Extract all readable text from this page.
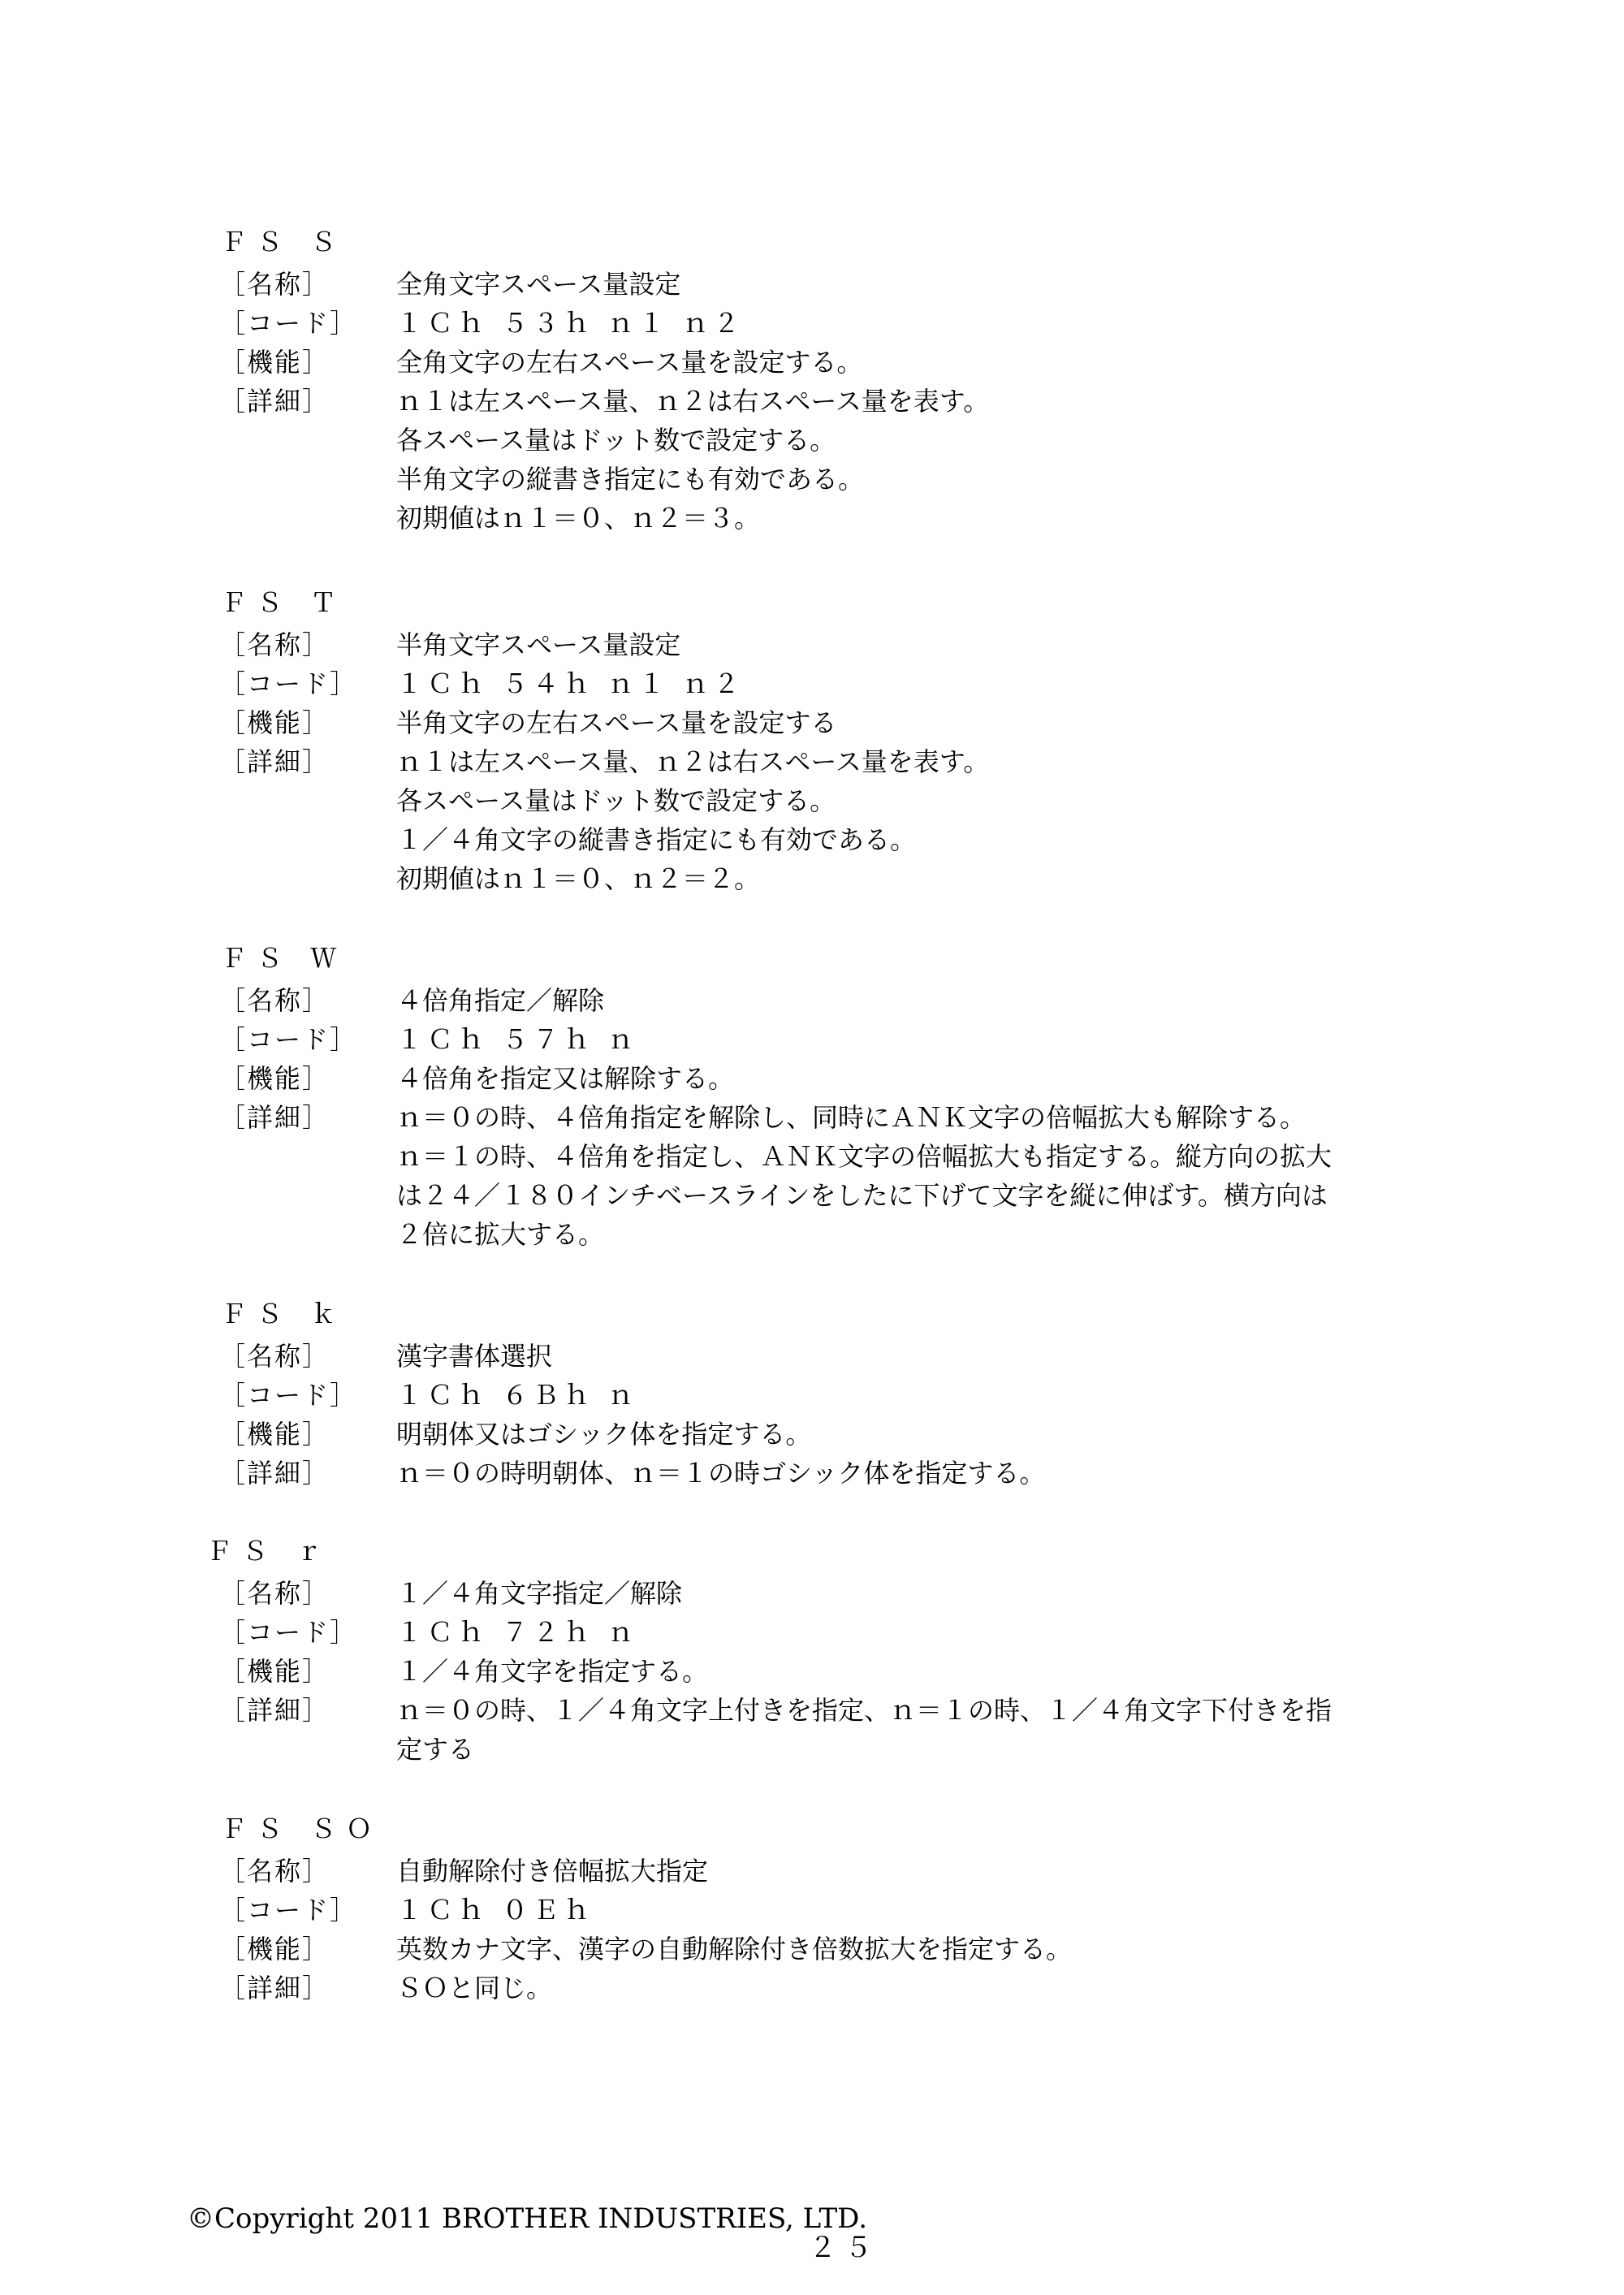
ＦＳ Ｓ
［名称］	全角文字スペース量設定
［コード］ １Ｃｈ ５３ｈ ｎ１ ｎ２
［機能］	全角文字の左右スペース量を設定する。
［詳細］	ｎ１は左スペース量、ｎ２は右スペース量を表す。
各スペース量はドット数で設定する。
半角文字の縦書き指定にも有効である。
初期値はｎ１＝０、ｎ２＝３。
ＦＳ Ｔ
［名称］	半角文字スペース量設定
［コード］ １Ｃｈ ５４ｈ ｎ１ ｎ２
［機能］	半角文字の左右スペース量を設定する
［詳細］	ｎ１は左スペース量、ｎ２は右スペース量を表す。
各スペース量はドット数で設定する。
１／４角文字の縦書き指定にも有効である。
初期値はｎ１＝０、ｎ２＝２。
ＦＳ Ｗ
［名称］	４倍角指定／解除
［コード］ １Ｃｈ ５７ｈ ｎ
［機能］	４倍角を指定又は解除する。
［詳細］	ｎ＝０の時、４倍角指定を解除し、同時にＡＮＫ文字の倍幅拡大も解除する。
ｎ＝１の時、４倍角を指定し、ＡＮＫ文字の倍幅拡大も指定する。縦方向の拡大
は２４／１８０インチベースラインをしたに下げて文字を縦に伸ばす。横方向は
２倍に拡大する。
ＦＳ ｋ
［名称］	漢字書体選択
［コード］ １Ｃｈ ６Ｂｈ ｎ
［機能］	明朝体又はゴシック体を指定する。
［詳細］	ｎ＝０の時明朝体、ｎ＝１の時ゴシック体を指定する。
ＦＳ ｒ
［名称］	１／４角文字指定／解除
［コード］ １Ｃｈ ７２ｈ ｎ
［機能］	１／４角文字を指定する。
［詳細］	ｎ＝０の時、１／４角文字上付きを指定、ｎ＝１の時、１／４角文字下付きを指
定する
ＦＳ ＳＯ
［名称］	自動解除付き倍幅拡大指定
［コード］ １Ｃｈ ０Ｅｈ
［機能］	英数カナ文字、漢字の自動解除付き倍数拡大を指定する。
［詳細］	ＳＯと同じ。
©Copyright 2011 BROTHER INDUSTRIES, LTD.
２５
